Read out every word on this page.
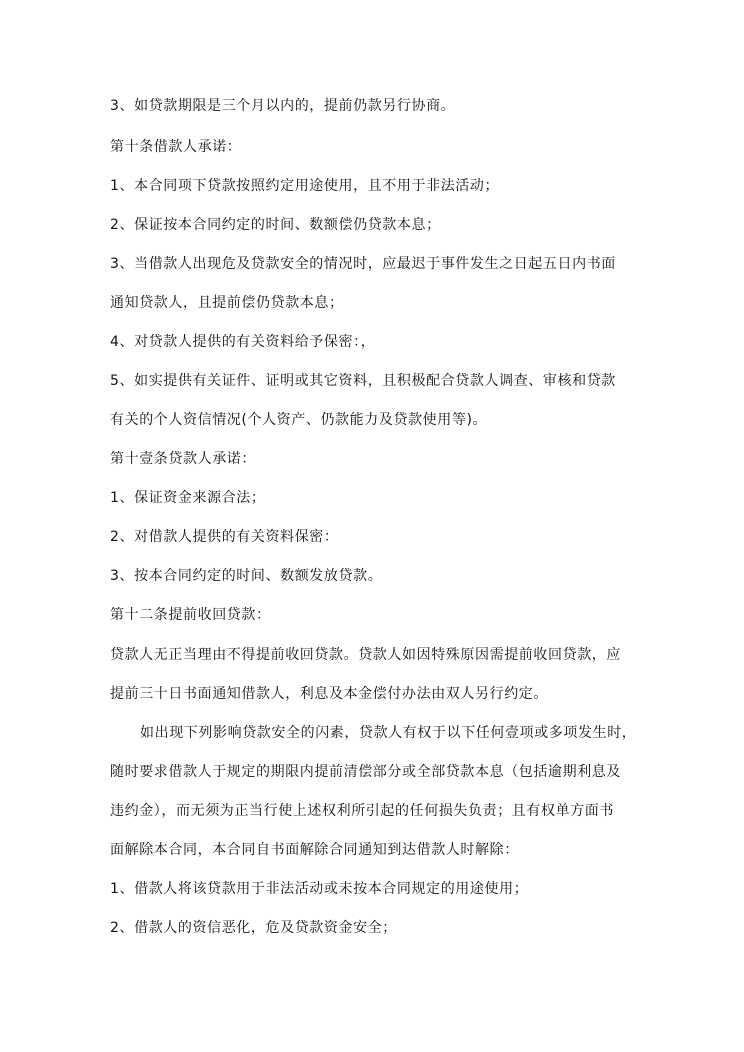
3、如贷款期限是三个月以内的，提前仍款另行协商。
第十条借款人承诺：
1、本合同项下贷款按照约定用途使用，且不用于非法活动；
2、保证按本合同约定的时间、数额偿仍贷款本息；
3、当借款人出现危及贷款安全的情况时，应最迟于事件发生之日起五日内书面
通知贷款人，且提前偿仍贷款本息；
4、对贷款人提供的有关资料给予保密：，
5、如实提供有关证件、证明或其它资料，且积极配合贷款人调查、审核和贷款
有关的个人资信情况(个人资产、仍款能力及贷款使用等)。
第十壹条贷款人承诺：
1、保证资金来源合法；
2、对借款人提供的有关资料保密：
3、按本合同约定的时间、数额发放贷款。
第十二条提前收回贷款：
贷款人无正当理由不得提前收回贷款。贷款人如因特殊原因需提前收回贷款，应
提前三十日书面通知借款人，利息及本金偿付办法由双人另行约定。
如出现下列影响贷款安全的闪素，贷款人有权于以下任何壹项或多项发生时，
随时要求借款人于规定的期限内提前清偿部分或全部贷款本息（包括逾期利息及
违约金），而无须为正当行使上述权利所引起的任何损失负责；且有权单方面书
面解除本合同，本合同自书面解除合同通知到达借款人时解除：
1、借款人将该贷款用于非法活动或未按本合同规定的用途使用；
2、借款人的资信恶化，危及贷款资金安全；
